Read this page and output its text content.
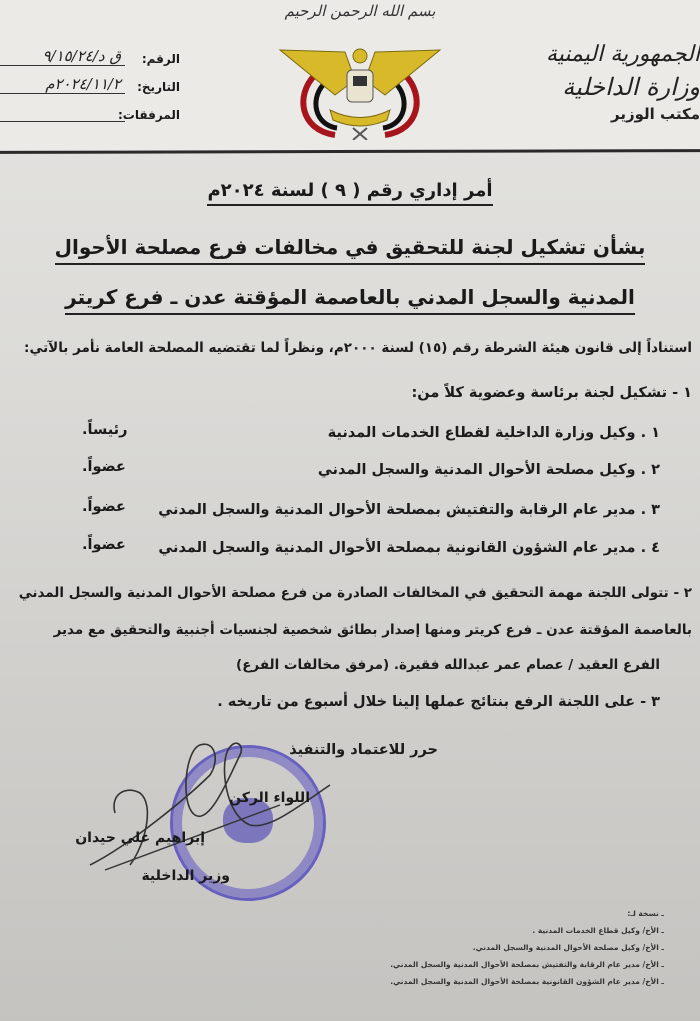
بسم الله الرحمن الرحيم
الرقم:
ق د/٩/١٥/٢٤
التاريخ:
٢٠٢٤/١١/٢م
المرفقات:
الجمهورية اليمنية
وزارة الداخلية
مكتب الوزير
أمر إداري رقم ( ٩ ) لسنة ٢٠٢٤م
بشأن تشكيل لجنة للتحقيق في مخالفات فرع مصلحة الأحوال
المدنية والسجل المدني بالعاصمة المؤقتة عدن ـ فرع كريتر
استناداً إلى قانون هيئة الشرطة رقم (١٥) لسنة ٢٠٠٠م، ونظراً لما تقتضيه المصلحة العامة نأمر بالآتي:
١ - تشكيل لجنة برئاسة وعضوية كلاً من:
١ . وكيل وزارة الداخلية لقطاع الخدمات المدنية
رئيساً.
٢ . وكيل مصلحة الأحوال المدنية والسجل المدني
عضواً.
٣ . مدير عام الرقابة والتفتيش بمصلحة الأحوال المدنية والسجل المدني
عضواً.
٤ . مدير عام الشؤون القانونية بمصلحة الأحوال المدنية والسجل المدني
عضواً.
٢ - تتولى اللجنة مهمة التحقيق في المخالفات الصادرة من فرع مصلحة الأحوال المدنية والسجل المدني
بالعاصمة المؤقتة عدن ـ فرع كريتر ومنها إصدار بطائق شخصية لجنسيات أجنبية والتحقيق مع مدير
الفرع العقيد / عصام عمر عبدالله فقيرة. (مرفق مخالفات الفرع)
٣ - على اللجنة الرفع بنتائج عملها إلينا خلال أسبوع من تاريخه .
حرر للاعتماد والتنفيذ
اللواء الركن
إبراهيم علي حيدان
وزير الداخلية
ـ نسخة لـ:
ـ الأخ/ وكيل قطاع الخدمات المدنية .
ـ الأخ/ وكيل مصلحة الأحوال المدنية والسجل المدني.
ـ الأخ/ مدير عام الرقابة والتفتيش بمصلحة الأحوال المدنية والسجل المدني.
ـ الأخ/ مدير عام الشؤون القانونية بمصلحة الأحوال المدنية والسجل المدني.
